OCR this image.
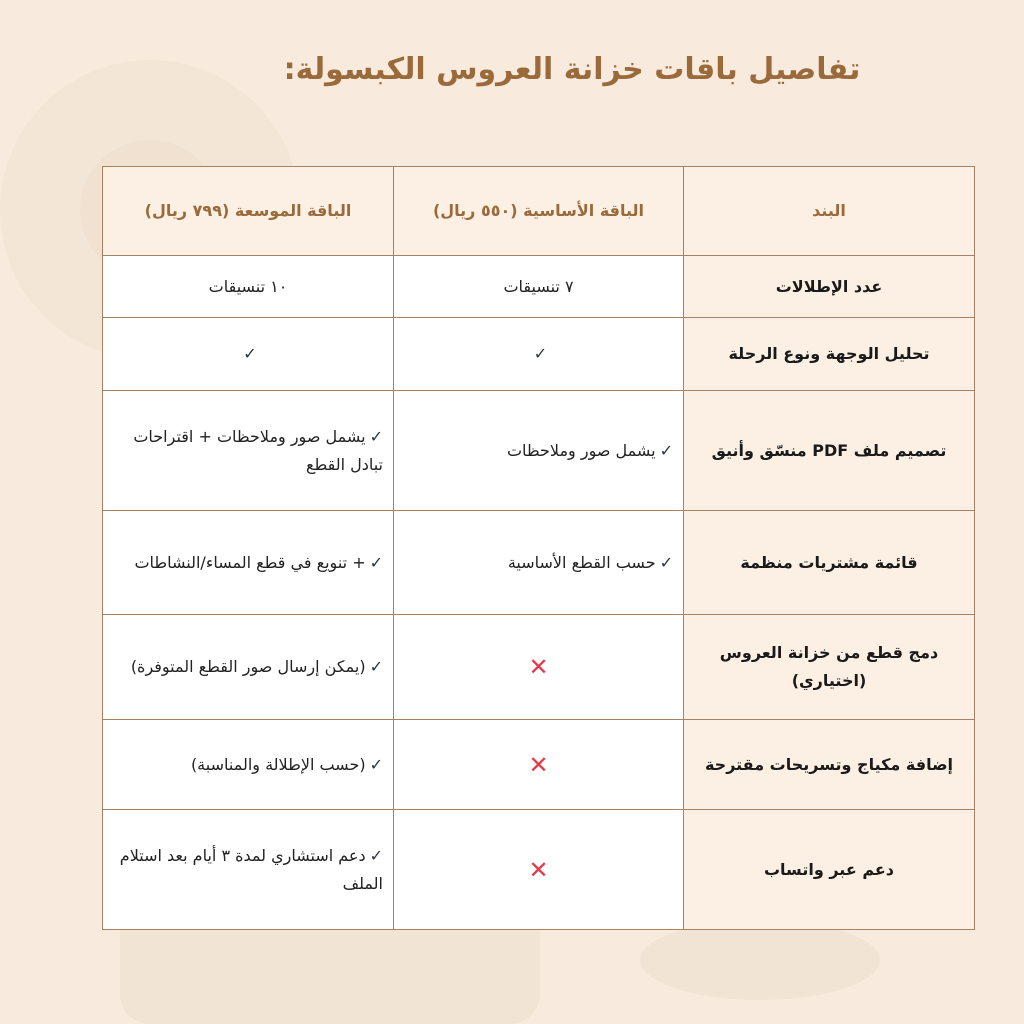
تفاصيل باقات خزانة العروس الكبسولة:
البند	الباقة الأساسية (٥٥٠ ريال)	الباقة الموسعة (٧٩٩ ريال)
عدد الإطلالات	٧ تنسيقات	١٠ تنسيقات
تحليل الوجهة ونوع الرحلة	✓	✓
تصميم ملف PDF منسّق وأنيق	✓يشمل صور وملاحظات	✓يشمل صور وملاحظات + اقتراحات تبادل القطع
قائمة مشتريات منظمة	✓حسب القطع الأساسية	✓+ تنويع في قطع المساء/النشاطات
دمج قطع من خزانة العروس (اختياري)	✕	✓(يمكن إرسال صور القطع المتوفرة)
إضافة مكياج وتسريحات مقترحة	✕	✓(حسب الإطلالة والمناسبة)
دعم عبر واتساب	✕	✓دعم استشاري لمدة ٣ أيام بعد استلام الملف
